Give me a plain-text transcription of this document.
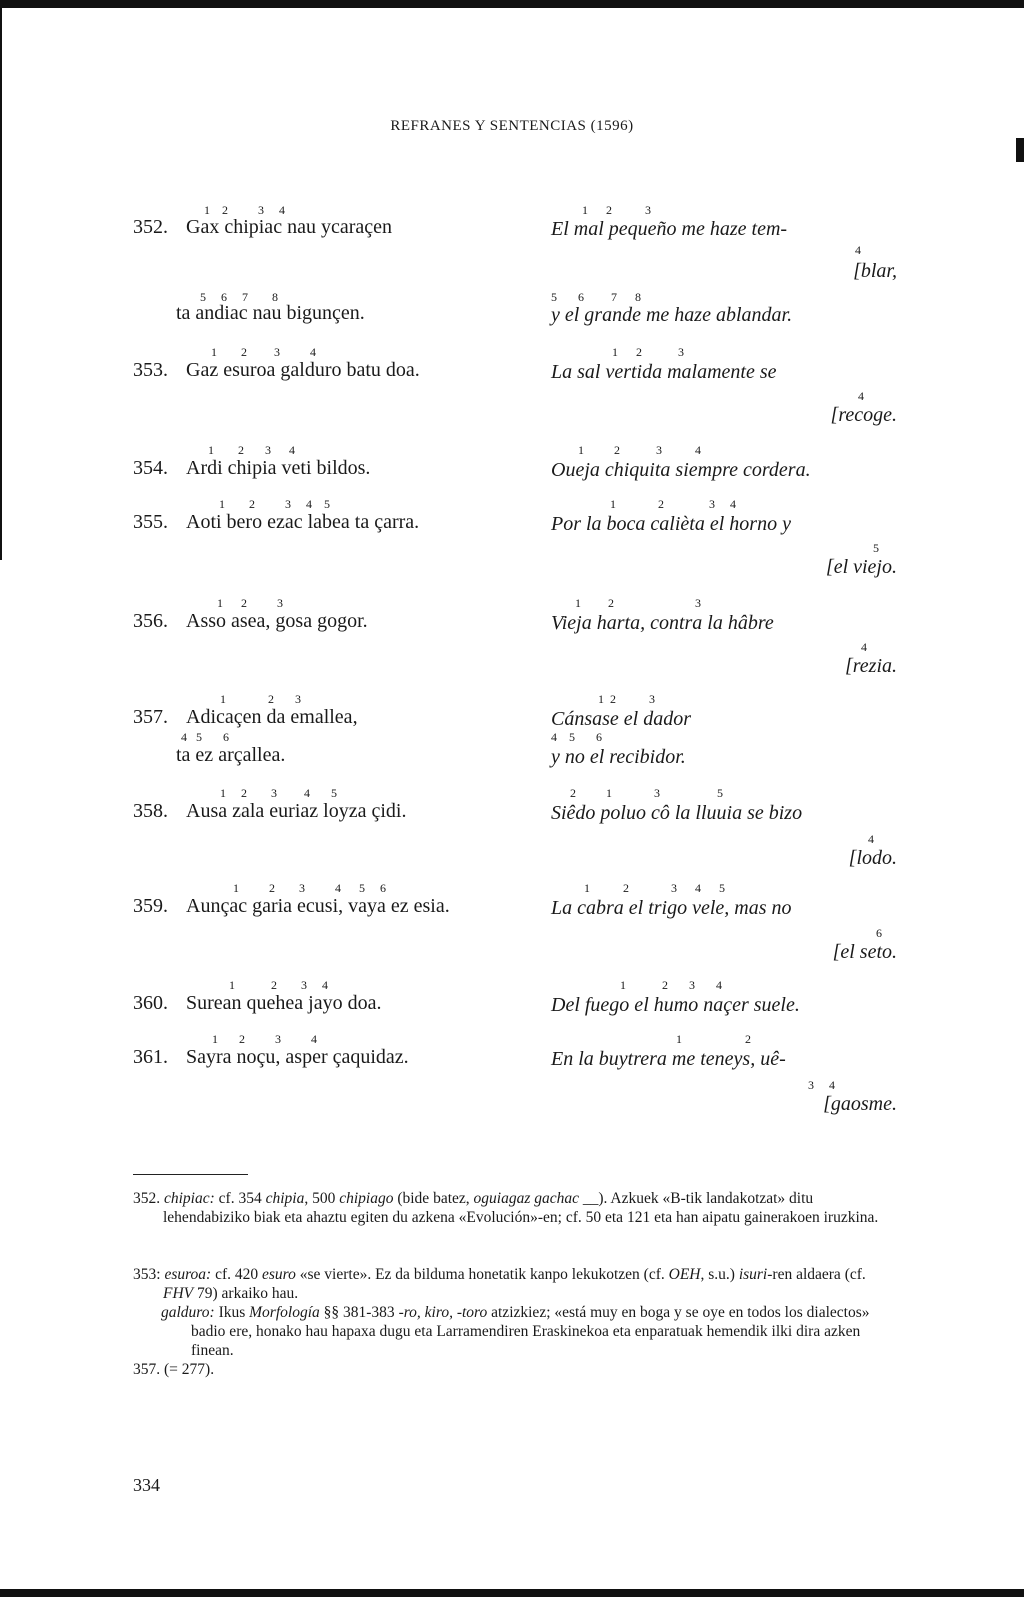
REFRANES Y SENTENCIAS (1596)
1    2          3     4
352. Gax chipiac nau ycaraçen
5     6     7        8
ta andiac nau bigunçen.
1      2           3
El mal pequeño me haze tem-
4
[blar,
5       6         7      8
y el grande me haze ablandar.
1        2         3          4
353. Gaz esuroa galduro batu doa.
1      2            3
La sal vertida malamente se
4
[recoge.
1        2       3      4
354. Ardi chipia veti bildos.
1          2            3           4
Oueja chiquita siempre cordera.
1        2          3     4    5
355. Aoti bero ezac labea ta çarra.
1              2               3     4
Por la boca calièta el horno y
5
[el viejo.
1      2          3
356. Asso asea, gosa gogor.
1         2                           3
Vieja harta, contra la hâbre
4
[rezia.
1              2       3
357. Adicaçen da emallea,
4   5       6
ta ez arçallea.
1  2           3
Cánsase el dador
4    5       6
y no el recibidor.
1     2        3         4       5
358. Ausa zala euriaz loyza çidi.
2          1              3                   5
Siêdo poluo cô la lluuia se bizo
4
[lodo.
1          2        3          4      5     6
359. Aunçac garia ecusi, vaya ez esia.
1           2              3      4      5
La cabra el trigo vele, mas no
6
[el seto.
1            2        3     4
360. Surean quehea jayo doa.
1            2       3       4
Del fuego el humo naçer suele.
1       2          3          4
361. Sayra noçu, asper çaquidaz.
1                     2
En la buytrera me teneys, uê-
3     4
[gaosme.
352. chipiac: cf. 354 chipia, 500 chipiago (bide batez, oguiagaz gachac __). Azkuek «B-tik landakotzat» ditu lehendabiziko biak eta ahaztu egiten du azkena «Evolución»-en; cf. 50 eta 121 eta han aipatu gainerakoen iruzkina.
353: esuroa: cf. 420 esuro «se vierte». Ez da bilduma honetatik kanpo lekukotzen (cf. OEH, s.u.) isuri-ren aldaera (cf. FHV 79) arkaiko hau.
galduro: Ikus Morfología §§ 381-383 -ro, kiro, -toro atzizkiez; «está muy en boga y se oye en todos los dialectos» badio ere, honako hau hapaxa dugu eta Larramendiren Eraskinekoa eta enparatuak hemendik ilki dira azken finean.
357. (= 277).
334
